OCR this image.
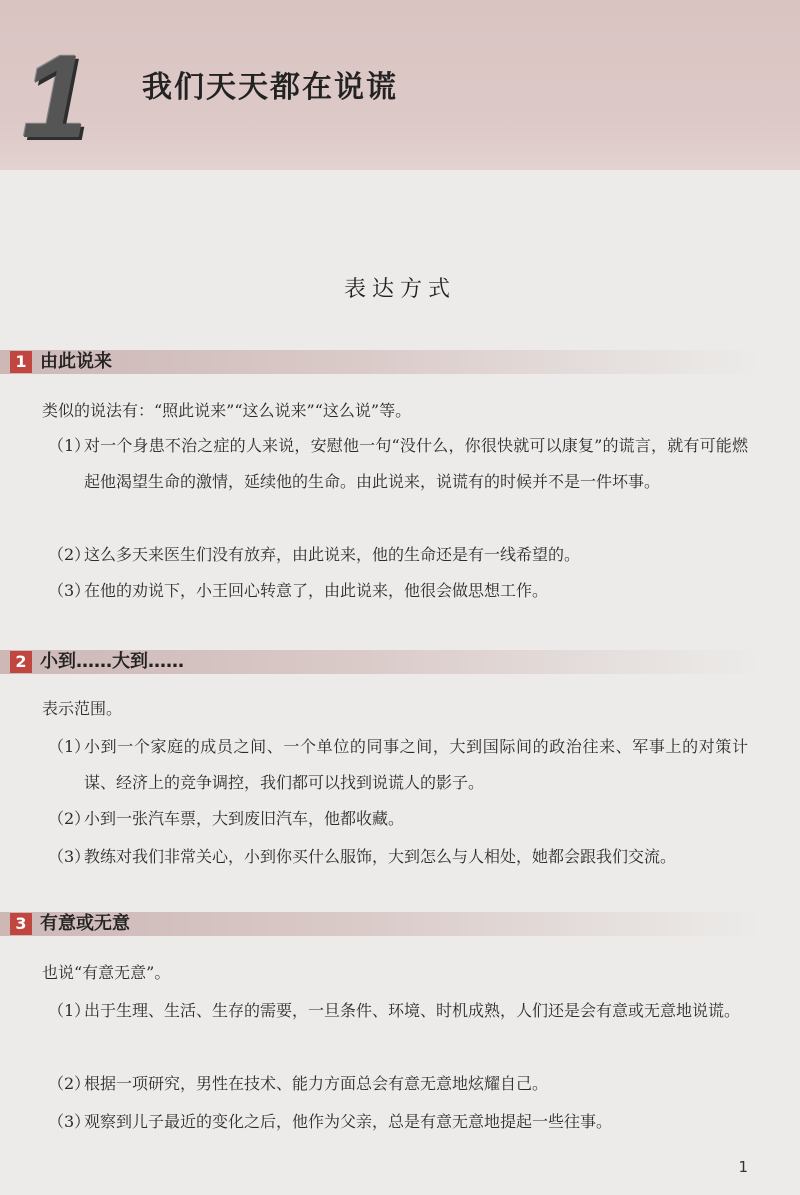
1 我们天天都在说谎
表达方式
1 由此说来
类似的说法有：“照此说来”“这么说来”“这么说”等。
（1）
对一个身患不治之症的人来说，安慰他一句“没什么，你很快就可以康复”的谎言，就有可能燃起他渴望生命的激情，延续他的生命。由此说来，说谎有的时候并不是一件坏事。
（2）
这么多天来医生们没有放弃，由此说来，他的生命还是有一线希望的。
（3）
在他的劝说下，小王回心转意了，由此说来，他很会做思想工作。
2 小到……大到……
表示范围。
（1）
小到一个家庭的成员之间、一个单位的同事之间，大到国际间的政治往来、军事上的对策计谋、经济上的竞争调控，我们都可以找到说谎人的影子。
（2）
小到一张汽车票，大到废旧汽车，他都收藏。
（3）
教练对我们非常关心，小到你买什么服饰，大到怎么与人相处，她都会跟我们交流。
3 有意或无意
也说“有意无意”。
（1）
出于生理、生活、生存的需要，一旦条件、环境、时机成熟，人们还是会有意或无意地说谎。
（2）
根据一项研究，男性在技术、能力方面总会有意无意地炫耀自己。
（3）
观察到儿子最近的变化之后，他作为父亲，总是有意无意地提起一些往事。
1
